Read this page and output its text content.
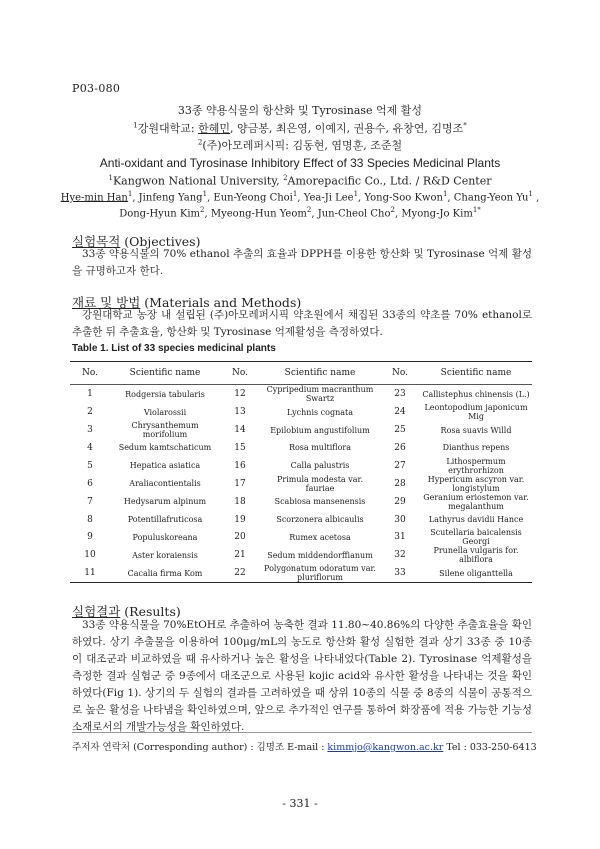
P03-080
33종 약용식물의 항산화 및 Tyrosinase 억제 활성
$^1$강원대학교: 한혜민, 양금봉, 최은영, 이예지, 권용수, 유창연, 김명조*
$^2$(주)아모레퍼시픽: 김동현, 염명훈, 조준철
Anti-oxidant and Tyrosinase Inhibitory Effect of 33 Species Medicinal Plants
$^1$Kangwon National University, $^2$Amorepacific Co., Ltd. / R&D Center
Hye-min Han$^1$, Jinfeng Yang$^1$, Eun-Yeong Choi$^1$, Yea-Ji Lee$^1$, Yong-Soo Kwon$^1$, Chang-Yeon Yu$^1$ ,
Dong-Hyun Kim$^2$, Myeong-Hun Yeom$^2$, Jun-Cheol Cho$^2$, Myong-Jo Kim$^{1*}$
실험목적 (Objectives)
33종 약용식물의 70% ethanol 추출의 효율과 DPPH를 이용한 항산화 및 Tyrosinase 억제 활성을 규명하고자 한다.
재료 및 방법 (Materials and Methods)
강원대학교 농장 내 설립된 (주)아모레퍼시픽 약초원에서 채집된 33종의 약초를 70% ethanol로 추출한 뒤 추출효율, 항산화 및 Tyrosinase 억제활성을 측정하였다.
Table 1. List of 33 species medicinal plants
No.	Scientific name	No.	Scientific name	No.	Scientific name
1	Rodgersia tabularis	12	Cypripedium macranthum Swartz	23	Callistephus chinensis (L.)
2	Violarossii	13	Lychnis cognata	24	Leontopodium japonicum Mig
3	Chrysanthemum morifolium	14	Epilobium angustifolium	25	Rosa suavis Willd
4	Sedum kamtschaticum	15	Rosa multiflora	26	Dianthus repens
5	Hepatica asiatica	16	Calla palustris	27	Lithospermum erythrorhizon
6	Araliacontientalis	17	Primula modesta var. fauriae	28	Hypericum ascyron var. longistylum
7	Hedysarum alpinum	18	Scabiosa mansenensis	29	Geranium eriostemon var. megalanthum
8	Potentillafruticosa	19	Scorzonera albicaulis	30	Lathyrus davidii Hance
9	Populuskoreana	20	Rumex acetosa	31	Scutellaria baicalensis Georgi
10	Aster koraiensis	21	Sedum middendorffianum	32	Prunella vulgaris for. albiflora
11	Cacalia firma Kom	22	Polygonatum odoratum var. pluriflorum	33	Silene oliganttella
실험결과 (Results)
33종 약용식물을 70%EtOH로 추출하여 농축한 결과 11.80~40.86%의 다양한 추출효율을 확인하였다. 상기 추출물을 이용하여 100μg/mL의 농도로 항산화 활성 실험한 결과 상기 33종 중 10종이 대조군과 비교하였을 때 유사하거나 높은 활성을 나타내었다(Table 2). Tyrosinase 억제활성을 측정한 결과 실험군 중 9종에서 대조군으로 사용된 kojic acid와 유사한 활성을 나타내는 것을 확인하였다(Fig 1). 상기의 두 실험의 결과를 고려하였을 때 상위 10종의 식물 중 8종의 식물이 공통적으로 높은 활성을 나타냄을 확인하였으며, 앞으로 추가적인 연구를 통하여 화장품에 적용 가능한 기능성 소재로서의 개발가능성을 확인하였다.
주저자 연락처 (Corresponding author) : 김명조 E-mail : kimmjo@kangwon.ac.kr Tel : 033-250-6413
- 331 -
